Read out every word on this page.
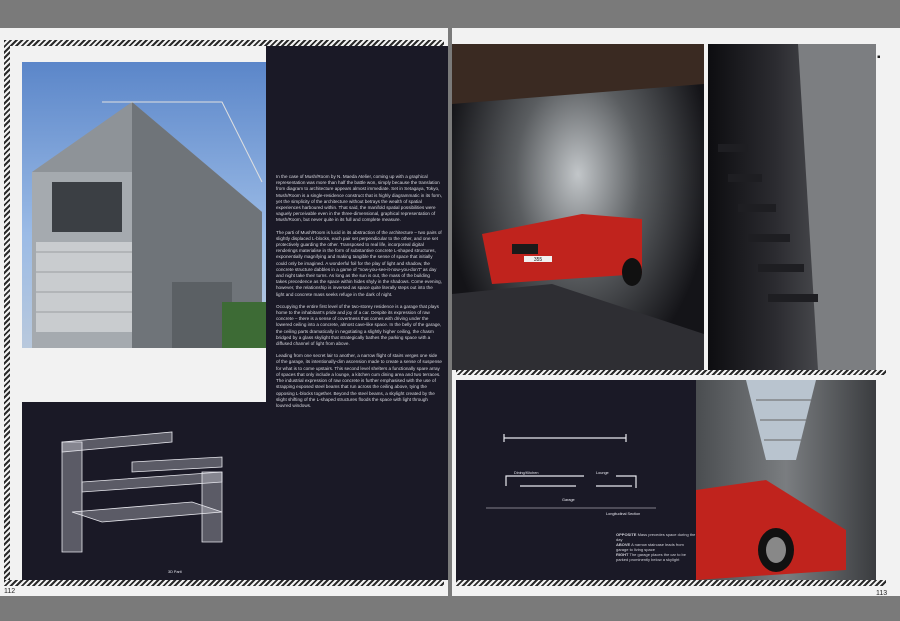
3D Parti

In the case of Mush/Room by N. Maeda Atelier, coming up with a graphical representation was more than half the battle won, simply because the translation from diagram to architecture appears almost immediate. Set in Setagaya, Tokyo, Mush/Room is a single-residence construct that is highly diagrammatic in its form, yet the simplicity of the architecture without betrays the wealth of spatial experiences harboured within. That said, the manifold spatial possibilities were vaguely perceivable even in the three-dimensional, graphical representation of Mush/Room, but never quite in its full and complete measure.

The parti of Mush/Room is lucid in its abstraction of the architecture – two pairs of slightly displaced L-blocks, each pair set perpendicular to the other, and one set protectively guarding the other. Transposed to real life, incorporeal digital renderings materialise in the form of substantive concrete L-shaped structures, exponentially magnifying and making tangible the sense of space that initially could only be imagined. A wonderful foil for the play of light and shadow, the concrete structure dabbles in a game of "now-you-see-it-now-you-don't" as day and night take their turns. As long as the sun is out, the mass of the building takes precedence as the space within hides shyly in the shadows. Come evening, however, the relationship is inversed as space quite literally steps out into the light and concrete mass seeks refuge in the dark of night.

Occupying the entire first level of the two-storey residence is a garage that plays home to the inhabitant's pride and joy of a car. Despite its expression of raw concrete – there is a sense of covertness that comes with driving under the lowered ceiling into a concrete, almost cave-like space. In the belly of the garage, the ceiling parts dramatically in negotiating a slightly higher ceiling, the chasm bridged by a glass skylight that strategically bathes the parking space with a diffused channel of light from above.

Leading from one secret lair to another, a narrow flight of stairs verges one side of the garage, its intentionally-dim ascension made to create a sense of suspense for what is to come upstairs. This second level shelters a functionally spare array of spaces that only include a lounge, a kitchen cum dining area and two terraces. The industrial expression of raw concrete is further emphasised with the use of strapping exposed steel beams that run across the ceiling above, tying the opposing L-blocks together. Beyond the steel beams, a skylight created by the slight shifting of the L-shaped structures floods the space with light through louvred windows.

112
355
▪
Dining/Kitchen	Lounge
Garage
Longitudinal Section
OPPOSITE Mass precedes space during the day
ABOVE A narrow staircase leads from garage to living space
RIGHT The garage places the car to be parked prominently below a skylight
113
